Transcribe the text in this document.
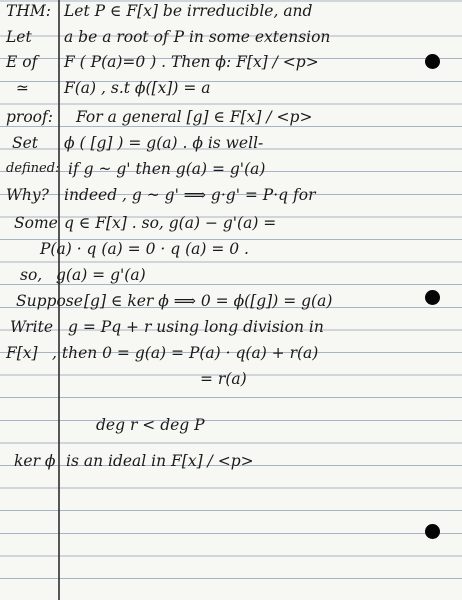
THM: Let P ∈ F[x] be irreducible, and
Let a be a root of P in some extension
E of F ( P(a)=0 ) . Then ϕ: F[x] / <p>
≃ F(a) , s.t ϕ([x]) = a
proof: For a general [g] ∈ F[x] / <p>
Set ϕ ( [g] ) = g(a) . ϕ is well-
defined: if g ~ g' then g(a) = g'(a)
Why? indeed , g ~ g' ⟹ g·g' = P·q for
Some q ∈ F[x] . so, g(a) − g'(a) =
P(a) · q (a) = 0 · q (a) = 0 .
so, g(a) = g'(a)
Suppose [g] ∈ ker ϕ ⟹ 0 = ϕ([g]) = g(a)
Write g = Pq + r using long division in
F[x] , then 0 = g(a) = P(a) · q(a) + r(a)
= r(a)
deg r < deg P
ker ϕ is an ideal in F[x] / <p>
